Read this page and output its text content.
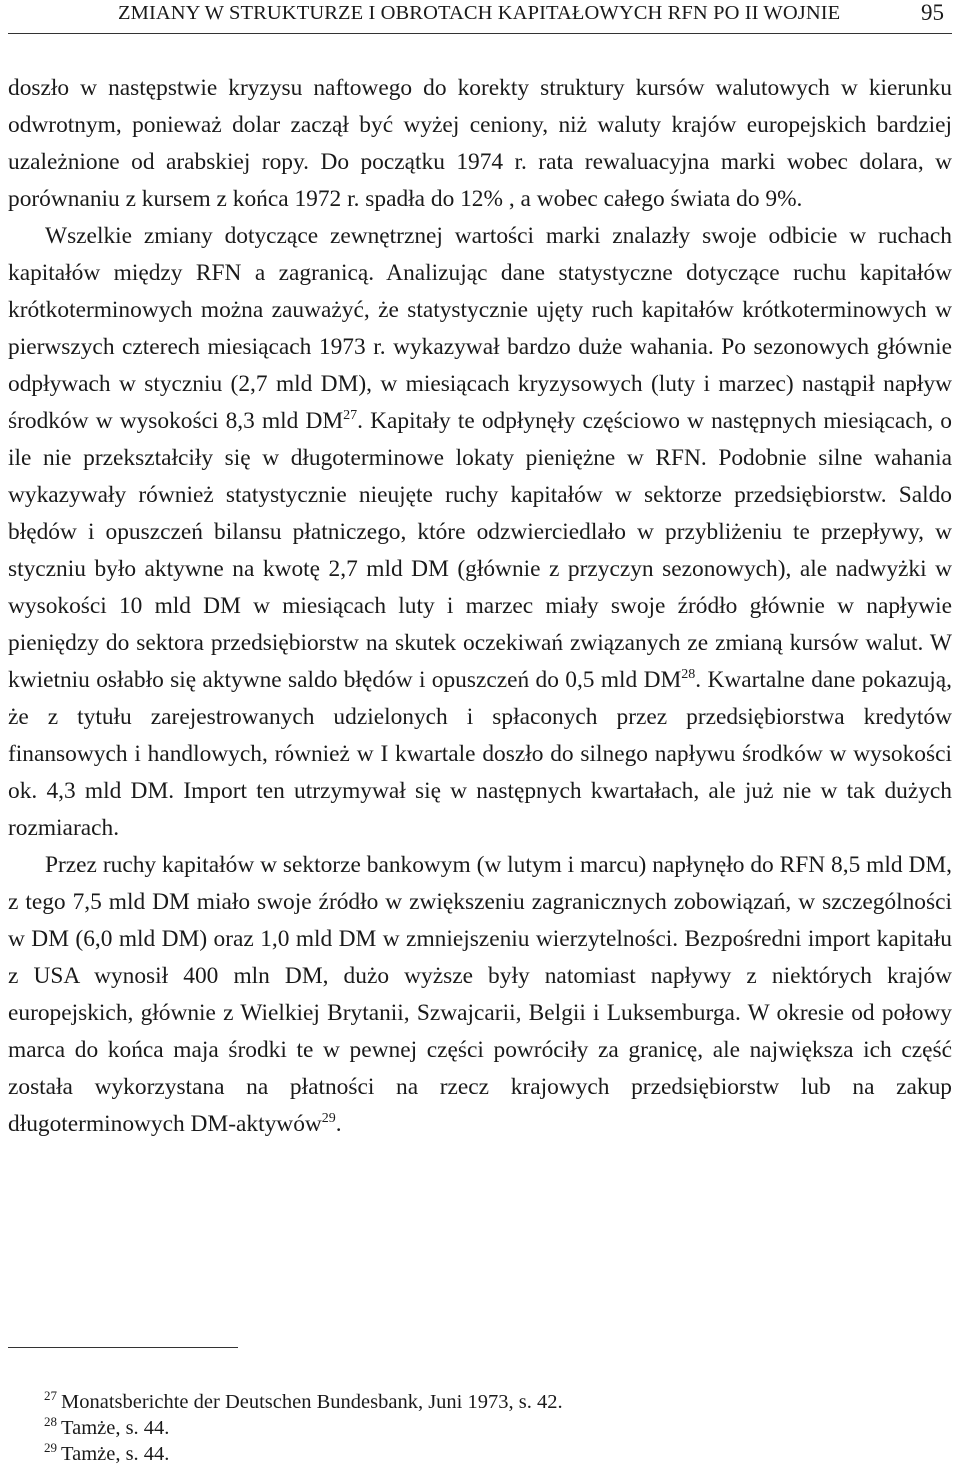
ZMIANY W STRUKTURZE I OBROTACH KAPITAŁOWYCH RFN PO II WOJNIE	95

doszło w następstwie kryzysu naftowego do korekty struktury kursów walutowych w kierunku odwrotnym, ponieważ dolar zaczął być wyżej ceniony, niż waluty krajów europejskich bardziej uzależnione od arabskiej ropy. Do początku 1974 r. rata rewaluacyjna marki wobec dolara, w porównaniu z kursem z końca 1972 r. spadła do 12% , a wobec całego świata do 9%.

Wszelkie zmiany dotyczące zewnętrznej wartości marki znalazły swoje odbicie w ruchach kapitałów między RFN a zagranicą. Analizując dane statystyczne dotyczące ruchu kapitałów krótkoterminowych można zauważyć, że statystycznie ujęty ruch kapitałów krótkoterminowych w pierwszych czterech miesiącach 1973 r. wykazywał bardzo duże wahania. Po sezonowych głównie odpływach w styczniu (2,7 mld DM), w miesiącach kryzysowych (luty i marzec) nastąpił napływ środków w wysokości 8,3 mld DM$^{27}$. Kapitały te odpłynęły częściowo w następnych miesiącach, o ile nie przekształciły się w długoterminowe lokaty pieniężne w RFN. Podobnie silne wahania wykazywały również statystycznie nieujęte ruchy kapitałów w sektorze przedsiębiorstw. Saldo błędów i opuszczeń bilansu płatniczego, które odzwierciedlało w przybliżeniu te przepływy, w styczniu było aktywne na kwotę 2,7 mld DM (głównie z przyczyn sezonowych), ale nadwyżki w wysokości 10 mld DM w miesiącach luty i marzec miały swoje źródło głównie w napływie pieniędzy do sektora przedsiębiorstw na skutek oczekiwań związanych ze zmianą kursów walut. W kwietniu osłabło się aktywne saldo błędów i opuszczeń do 0,5 mld DM$^{28}$. Kwartalne dane pokazują, że z tytułu zarejestrowanych udzielonych i spłaconych przez przedsiębiorstwa kredytów finansowych i handlowych, również w I kwartale doszło do silnego napływu środków w wysokości ok. 4,3 mld DM. Import ten utrzymywał się w następnych kwartałach, ale już nie w tak dużych rozmiarach.

Przez ruchy kapitałów w sektorze bankowym (w lutym i marcu) napłynęło do RFN 8,5 mld DM, z tego 7,5 mld DM miało swoje źródło w zwiększeniu zagranicznych zobowiązań, w szczególności w DM (6,0 mld DM) oraz 1,0 mld DM w zmniejszeniu wierzytelności. Bezpośredni import kapitału z USA wynosił 400 mln DM, dużo wyższe były natomiast napływy z niektórych krajów europejskich, głównie z Wielkiej Brytanii, Szwajcarii, Belgii i Luksemburga. W okresie od połowy marca do końca maja środki te w pewnej części powróciły za granicę, ale największa ich część została wykorzystana na płatności na rzecz krajowych przedsiębiorstw lub na zakup długoterminowych DM-aktywów$^{29}$.

$^{27}$ Monatsberichte der Deutschen Bundesbank, Juni 1973, s. 42.
$^{28}$ Tamże, s. 44.
$^{29}$ Tamże, s. 44.
